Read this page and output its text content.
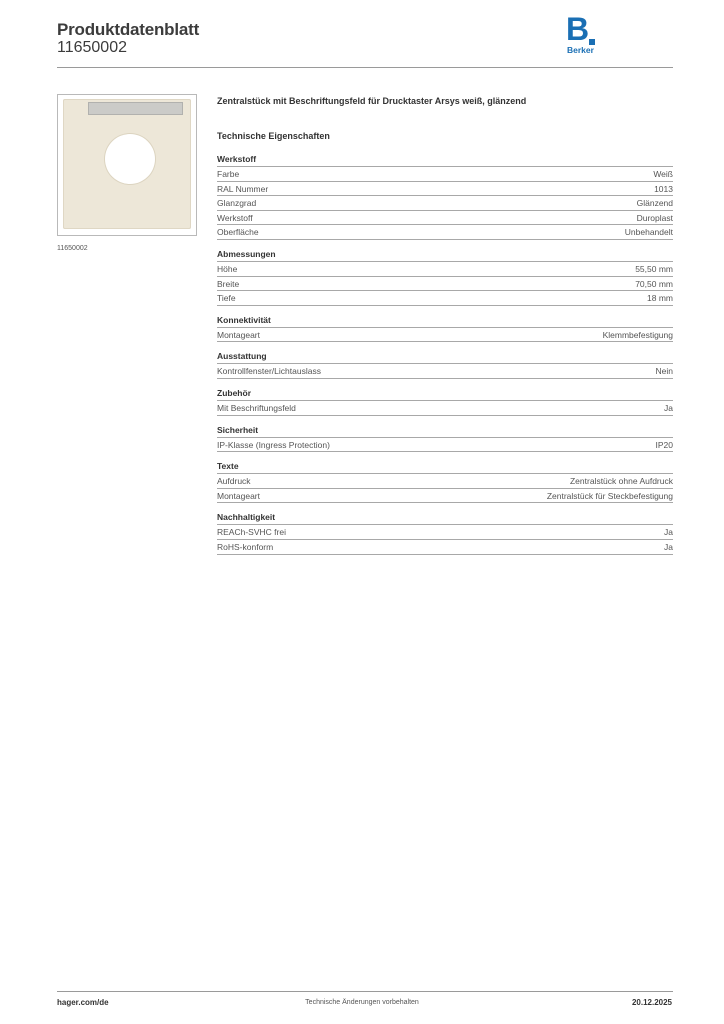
Produktdatenblatt
11650002
B
Berker
11650002
Zentralstück mit Beschriftungsfeld für Drucktaster Arsys weiß, glänzend
Technische Eigenschaften
Werkstoff
Farbe	Weiß
RAL Nummer	1013
Glanzgrad	Glänzend
Werkstoff	Duroplast
Oberfläche	Unbehandelt
Abmessungen
Höhe	55,50 mm
Breite	70,50 mm
Tiefe	18 mm
Konnektivität
Montageart	Klemmbefestigung
Ausstattung
Kontrollfenster/Lichtauslass	Nein
Zubehör
Mit Beschriftungsfeld	Ja
Sicherheit
IP-Klasse (Ingress Protection)	IP20
Texte
Aufdruck	Zentralstück ohne Aufdruck
Montageart	Zentralstück für Steckbefestigung
Nachhaltigkeit
REACh-SVHC frei	Ja
RoHS-konform	Ja
hager.com/de	Technische Änderungen vorbehalten	20.12.2025
